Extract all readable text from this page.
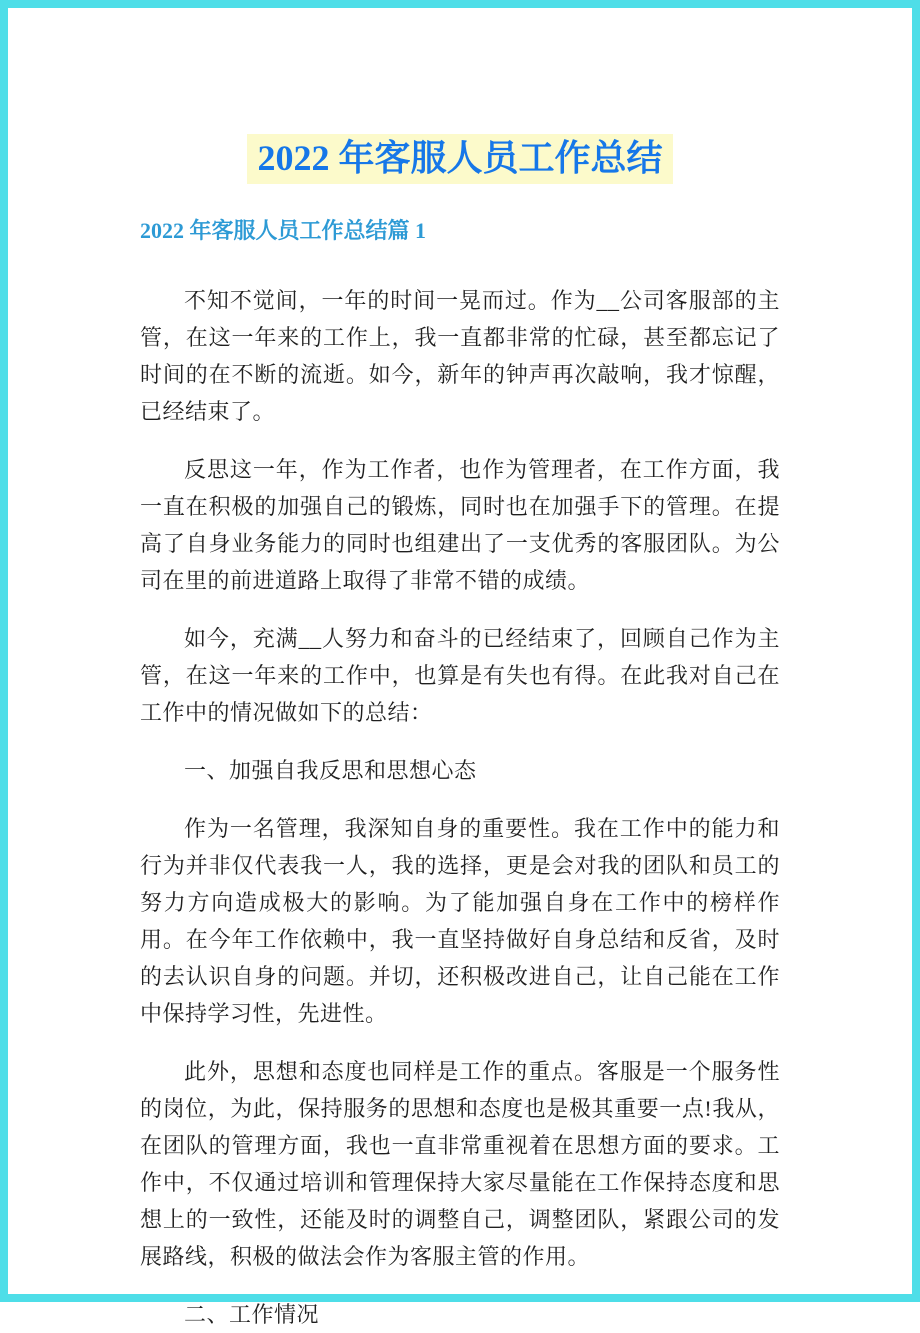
2022 年客服人员工作总结
2022 年客服人员工作总结篇 1

不知不觉间，一年的时间一晃而过。作为__公司客服部的主管，在这一年来的工作上，我一直都非常的忙碌，甚至都忘记了时间的在不断的流逝。如今，新年的钟声再次敲响，我才惊醒，已经结束了。

反思这一年，作为工作者，也作为管理者，在工作方面，我一直在积极的加强自己的锻炼，同时也在加强手下的管理。在提高了自身业务能力的同时也组建出了一支优秀的客服团队。为公司在里的前进道路上取得了非常不错的成绩。

如今，充满__人努力和奋斗的已经结束了，回顾自己作为主管，在这一年来的工作中，也算是有失也有得。在此我对自己在工作中的情况做如下的总结：

一、加强自我反思和思想心态

作为一名管理，我深知自身的重要性。我在工作中的能力和行为并非仅代表我一人，我的选择，更是会对我的团队和员工的努力方向造成极大的影响。为了能加强自身在工作中的榜样作用。在今年工作依赖中，我一直坚持做好自身总结和反省，及时的去认识自身的问题。并切，还积极改进自己，让自己能在工作中保持学习性，先进性。

此外，思想和态度也同样是工作的重点。客服是一个服务性的岗位，为此，保持服务的思想和态度也是极其重要一点!我从，在团队的管理方面，我也一直非常重视着在思想方面的要求。工作中，不仅通过培训和管理保持大家尽量能在工作保持态度和思想上的一致性，还能及时的调整自己，调整团队，紧跟公司的发展路线，积极的做法会作为客服主管的作用。

二、工作情况
